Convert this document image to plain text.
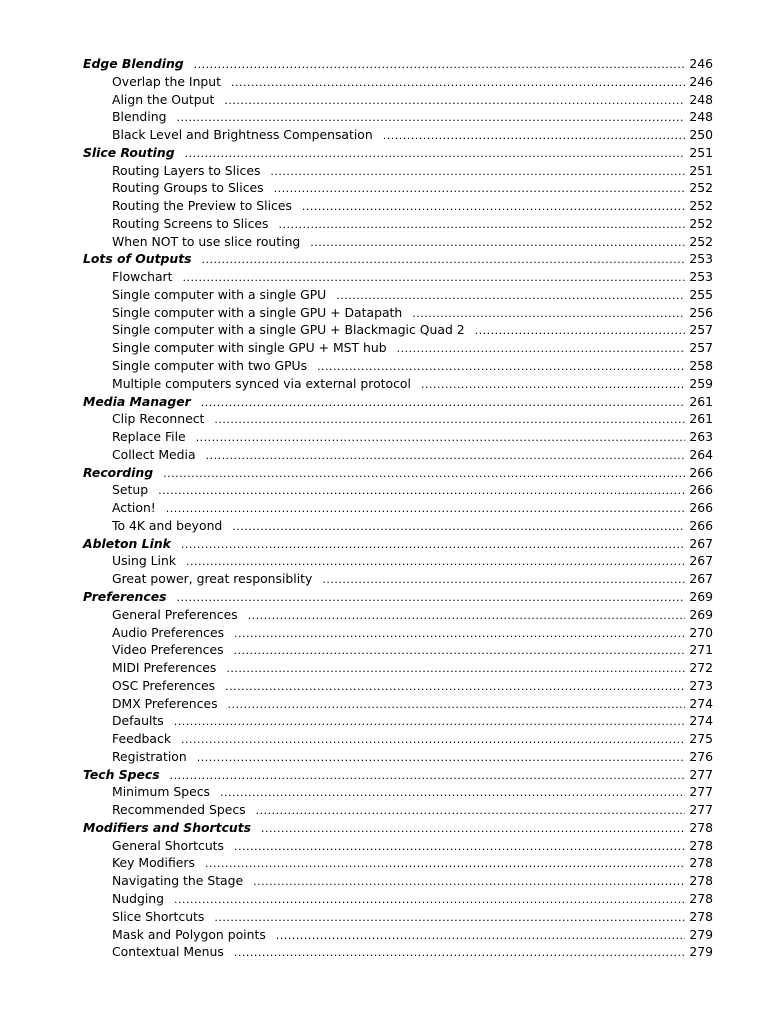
Edge Blending .....	246
Overlap the Input .....	246
Align the Output .....	248
Blending .....	248
Black Level and Brightness Compensation .....	250
Slice Routing .....	251
Routing Layers to Slices .....	251
Routing Groups to Slices .....	252
Routing the Preview to Slices .....	252
Routing Screens to Slices .....	252
When NOT to use slice routing .....	252
Lots of Outputs .....	253
Flowchart .....	253
Single computer with a single GPU .....	255
Single computer with a single GPU + Datapath .....	256
Single computer with a single GPU + Blackmagic Quad 2 .....	257
Single computer with single GPU + MST hub .....	257
Single computer with two GPUs .....	258
Multiple computers synced via external protocol .....	259
Media Manager .....	261
Clip Reconnect .....	261
Replace File .....	263
Collect Media .....	264
Recording .....	266
Setup .....	266
Action! .....	266
To 4K and beyond .....	266
Ableton Link .....	267
Using Link .....	267
Great power, great responsiblity .....	267
Preferences .....	269
General Preferences .....	269
Audio Preferences .....	270
Video Preferences .....	271
MIDI Preferences .....	272
OSC Preferences .....	273
DMX Preferences .....	274
Defaults .....	274
Feedback .....	275
Registration .....	276
Tech Specs .....	277
Minimum Specs .....	277
Recommended Specs .....	277
Modifiers and Shortcuts .....	278
General Shortcuts .....	278
Key Modifiers .....	278
Navigating the Stage .....	278
Nudging .....	278
Slice Shortcuts .....	278
Mask and Polygon points .....	279
Contextual Menus .....	279
